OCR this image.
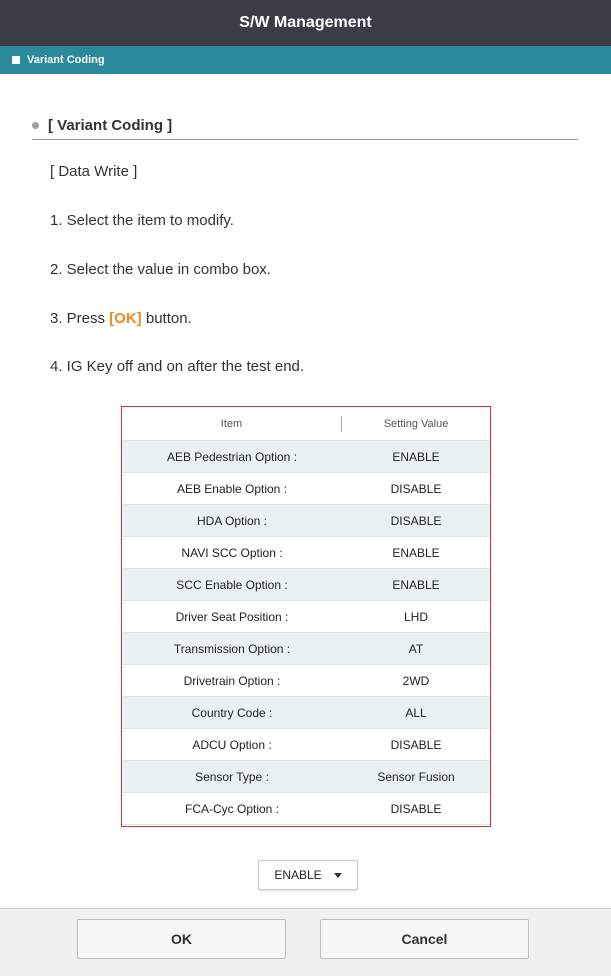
S/W Management
Variant Coding
[ Variant Coding ]
[ Data Write ]
1. Select the item to modify.
2. Select the value in combo box.
3. Press [OK] button.
4. IG Key off and on after the test end.
Item	Setting Value
AEB Pedestrian Option :	ENABLE
AEB Enable Option :	DISABLE
HDA Option :	DISABLE
NAVI SCC Option :	ENABLE
SCC Enable Option :	ENABLE
Driver Seat Position :	LHD
Transmission Option :	AT
Drivetrain Option :	2WD
Country Code :	ALL
ADCU Option :	DISABLE
Sensor Type :	Sensor Fusion
FCA-Cyc Option :	DISABLE
ENABLE
OK	Cancel
